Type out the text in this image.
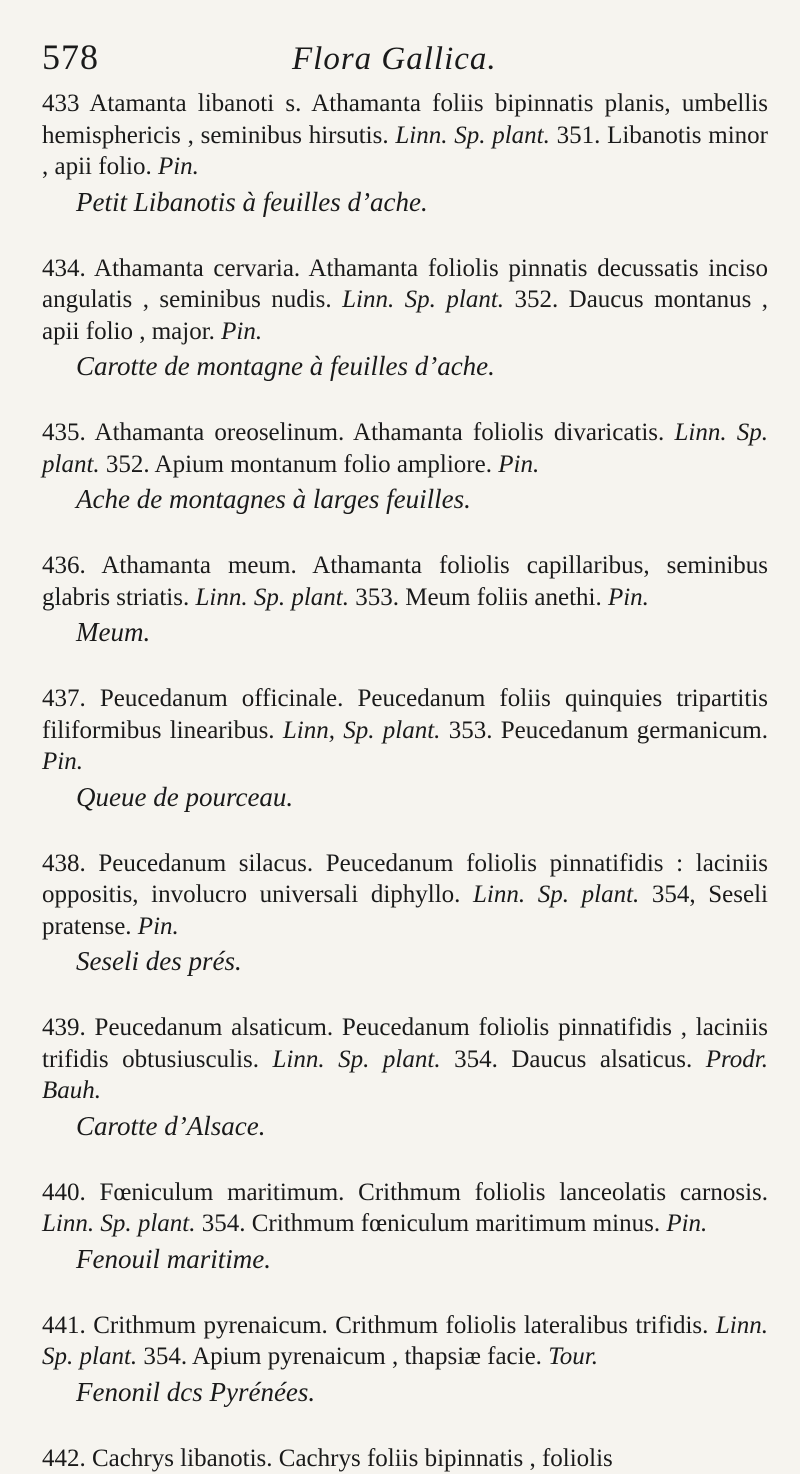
578	Flora Gallica.

433 Atamanta libanoti s. Athamanta foliis bipinnatis planis, umbellis hemisphericis , seminibus hirsutis. Linn. Sp. plant. 351. Libanotis minor , apii folio. Pin.

Petit Libanotis à feuilles d’ache.

434. Athamanta cervaria. Athamanta foliolis pinnatis decussatis inciso angulatis , seminibus nudis. Linn. Sp. plant. 352. Daucus montanus , apii folio , major. Pin.

Carotte de montagne à feuilles d’ache.

435. Athamanta oreoselinum. Athamanta foliolis divaricatis. Linn. Sp. plant. 352. Apium montanum folio ampliore. Pin.

Ache de montagnes à larges feuilles.

436. Athamanta meum. Athamanta foliolis capillaribus, seminibus glabris striatis. Linn. Sp. plant. 353. Meum foliis anethi. Pin.

Meum.

437. Peucedanum officinale. Peucedanum foliis quinquies tripartitis filiformibus linearibus. Linn, Sp. plant. 353. Peucedanum germanicum. Pin.

Queue de pourceau.

438. Peucedanum silacus. Peucedanum foliolis pinnatifidis : laciniis oppositis, involucro universali diphyllo. Linn. Sp. plant. 354, Seseli pratense. Pin.

Seseli des prés.

439. Peucedanum alsaticum. Peucedanum foliolis pinnatifidis , laciniis trifidis obtusiusculis. Linn. Sp. plant. 354. Daucus alsaticus. Prodr. Bauh.

Carotte d’Alsace.

440. Fœniculum maritimum. Crithmum foliolis lanceolatis carnosis. Linn. Sp. plant. 354. Crithmum fœniculum maritimum minus. Pin.

Fenouil maritime.

441. Crithmum pyrenaicum. Crithmum foliolis lateralibus trifidis. Linn. Sp. plant. 354. Apium pyrenaicum , thapsiæ facie. Tour.

Fenonil dcs Pyrénées.

442. Cachrys libanotis. Cachrys foliis bipinnatis , foliolis
